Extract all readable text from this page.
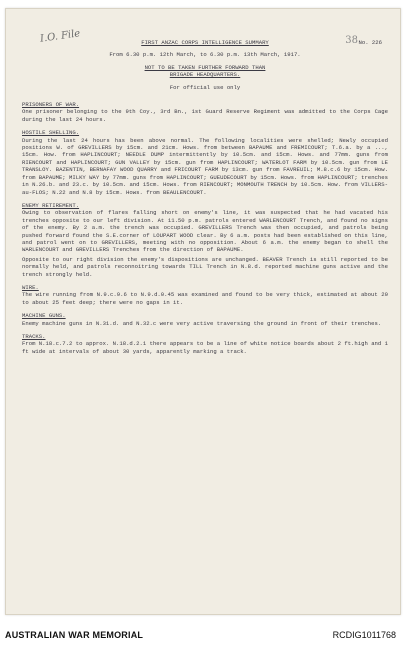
I.O. File	38
FIRST ANZAC CORPS INTELLIGENCE SUMMARY	No. 226
From 6.30 p.m. 12th March, to 6.30 p.m. 13th March, 1917.
NOT TO BE TAKEN FURTHER FORWARD THAN
BRIGADE HEADQUARTERS.
For official use only
PRISONERS OF WAR.

One prisoner belonging to the 9th Coy., 3rd Bn., 1st Guard Reserve Regiment was admitted to the Corps Cage during the last 24 hours.

HOSTILE SHELLING.

During the last 24 hours has been above normal. The following localities were shelled; Newly occupied positions W. of GREVILLERS by 15cm. and 21cm. Hows. from between BAPAUME and FREMICOURT; T.6.a. by a ..., 15cm. How. from HAPLINCOURT; NEEDLE DUMP intermittently by 10.5cm. and 15cm. Hows. and 77mm. guns from RIENCOURT and HAPLINCOURT; GUN VALLEY by 15cm. gun from HAPLINCOURT; WATERLOT FARM by 10.5cm. gun from LE TRANSLOY. BAZENTIN, BERNAFAY WOOD QUARRY and FRICOURT FARM by 13cm. gun from FAVREUIL; M.8.c.6 by 15cm. How. from BAPAUME; MILKY WAY by 77mm. guns from HAPLINCOURT; GUEUDECOURT by 15cm. Hows. from HAPLINCOURT; trenches in N.26.b. and 23.c. by 10.5cm. and 15cm. Hows. from RIENCOURT; MONMOUTH TRENCH by 10.5cm. How. from VILLERS-au-FLOS; N.22 and N.8 by 15cm. Hows. from BEAULENCOURT.

ENEMY RETIREMENT.

Owing to observation of flares falling short on enemy's line, it was suspected that he had vacated his trenches opposite to our left division. At 11.50 p.m. patrols entered WARLENCOURT Trench, and found no signs of the enemy. By 2 a.m. the trench was occupied. GREVILLERS Trench was then occupied, and patrols being pushed forward found the S.E.corner of LOUPART WOOD clear. By 6 a.m. posts had been established on this line, and patrol went on to GREVILLERS, meeting with no opposition. About 6 a.m. the enemy began to shell the WARLENCOURT and GREVILLERS Trenches from the direction of BAPAUME.

Opposite to our right division the enemy's dispositions are unchanged. BEAVER Trench is still reported to be normally held, and patrols reconnoitring towards TILL Trench in N.8.d. reported machine guns active and the trench strongly held.

WIRE.

The wire running from N.9.c.9.6 to N.9.d.0.45 was examined and found to be very thick, estimated at about 20 to about 25 feet deep; there were no gaps in it.

MACHINE GUNS.

Enemy machine guns in N.31.d. and N.32.c were very active traversing the ground in front of their trenches.

TRACKS.

From N.18.c.7.2 to approx. N.18.d.2.1 there appears to be a line of white notice boards about 2 ft.high and 1 ft wide at intervals of about 30 yards, apparently marking a track.

AUSTRALIAN WAR MEMORIAL	RCDIG1011768
